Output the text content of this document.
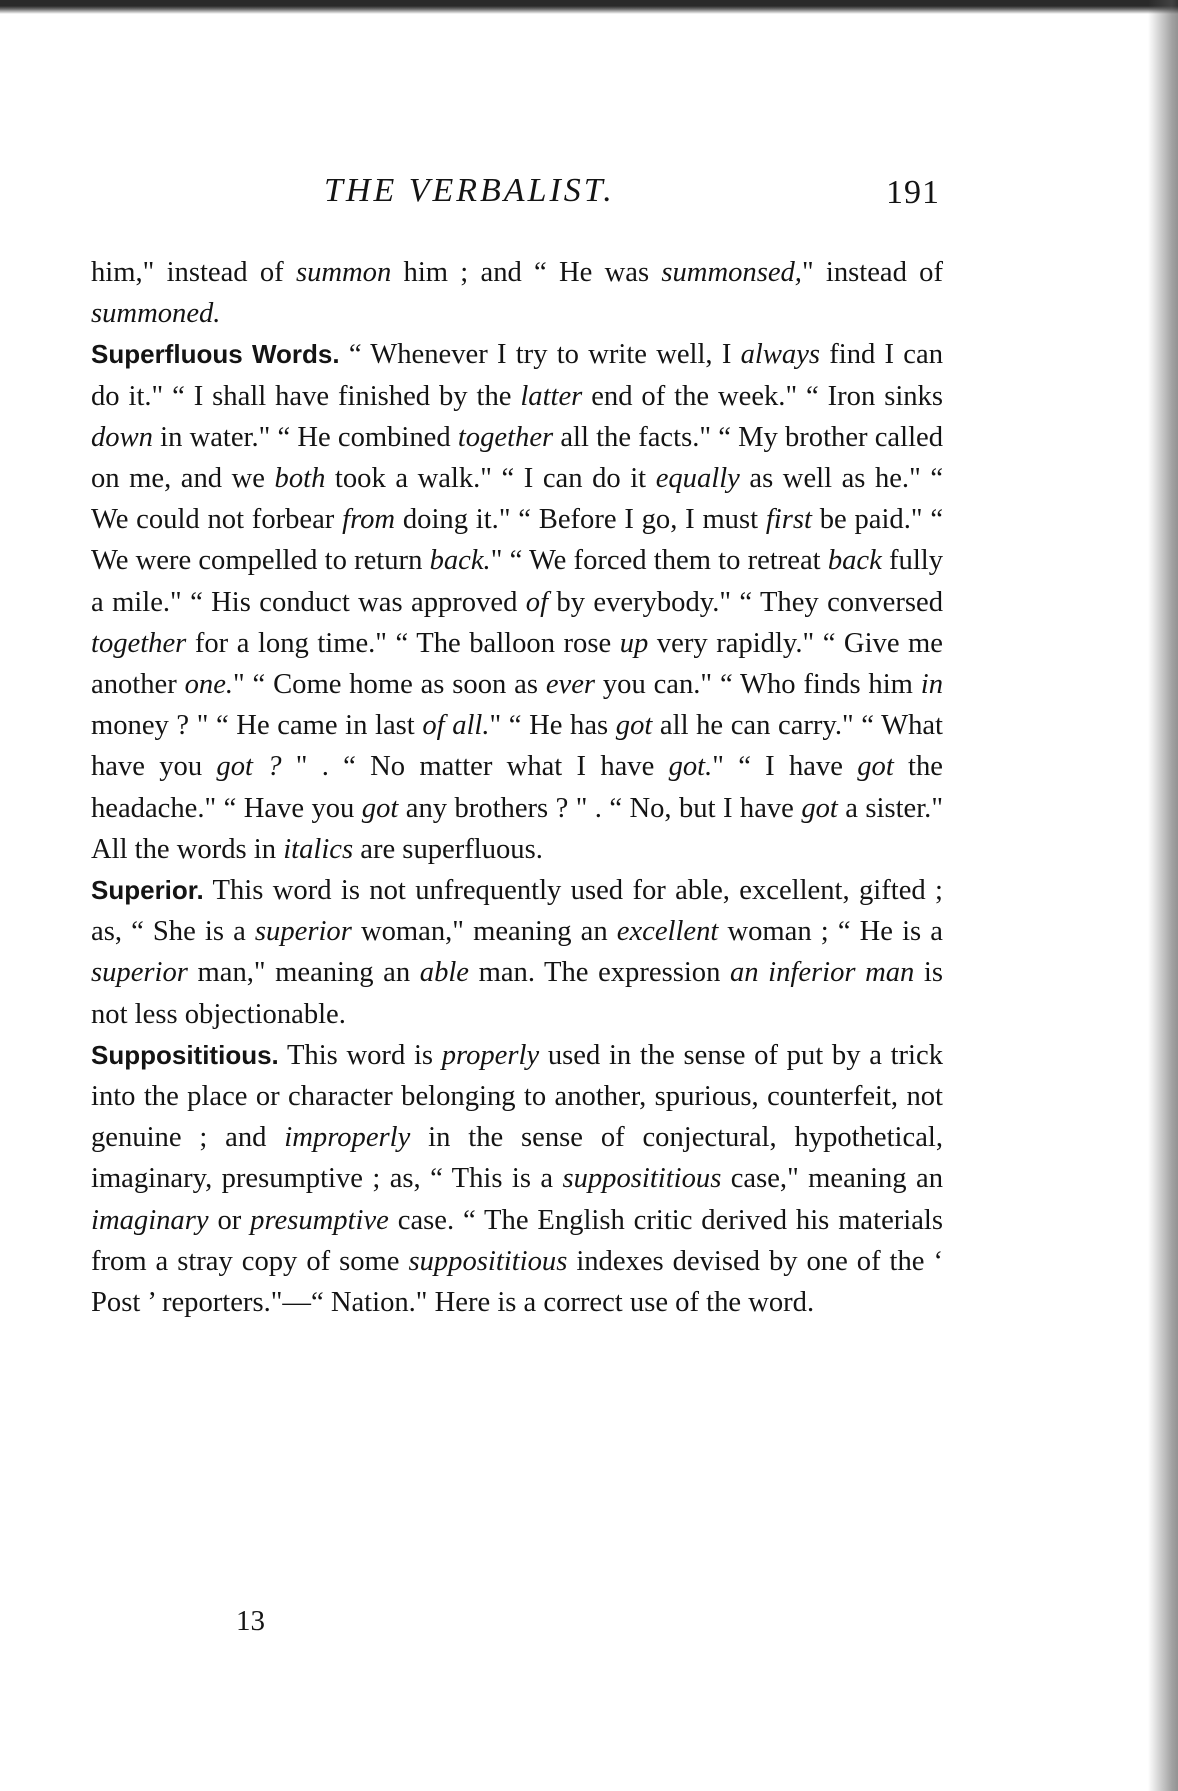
THE VERBALIST.	191

him," instead of summon him ; and “ He was summonsed," instead of summoned.

Superfluous Words. “ Whenever I try to write well, I always find I can do it." “ I shall have finished by the latter end of the week." “ Iron sinks down in water." “ He combined together all the facts." “ My brother called on me, and we both took a walk." “ I can do it equally as well as he." “ We could not forbear from doing it." “ Before I go, I must first be paid." “ We were compelled to return back." “ We forced them to retreat back fully a mile." “ His conduct was approved of by everybody." “ They conversed together for a long time." “ The balloon rose up very rapidly." “ Give me another one." “ Come home as soon as ever you can." “ Who finds him in money ? " “ He came in last of all." “ He has got all he can carry." “ What have you got ? " . “ No matter what I have got." “ I have got the headache." “ Have you got any brothers ? " . “ No, but I have got a sister." All the words in italics are superfluous.

Superior. This word is not unfrequently used for able, excellent, gifted ; as, “ She is a superior woman," meaning an excellent woman ; “ He is a superior man," meaning an able man. The expression an inferior man is not less objectionable.

Supposititious. This word is properly used in the sense of put by a trick into the place or character belonging to another, spurious, counterfeit, not genuine ; and improperly in the sense of conjectural, hypothetical, imaginary, presumptive ; as, “ This is a supposititious case," meaning an imaginary or presumptive case. “ The English critic derived his materials from a stray copy of some supposititious indexes devised by one of the ‘ Post ’ reporters."—“ Nation." Here is a correct use of the word.

13
